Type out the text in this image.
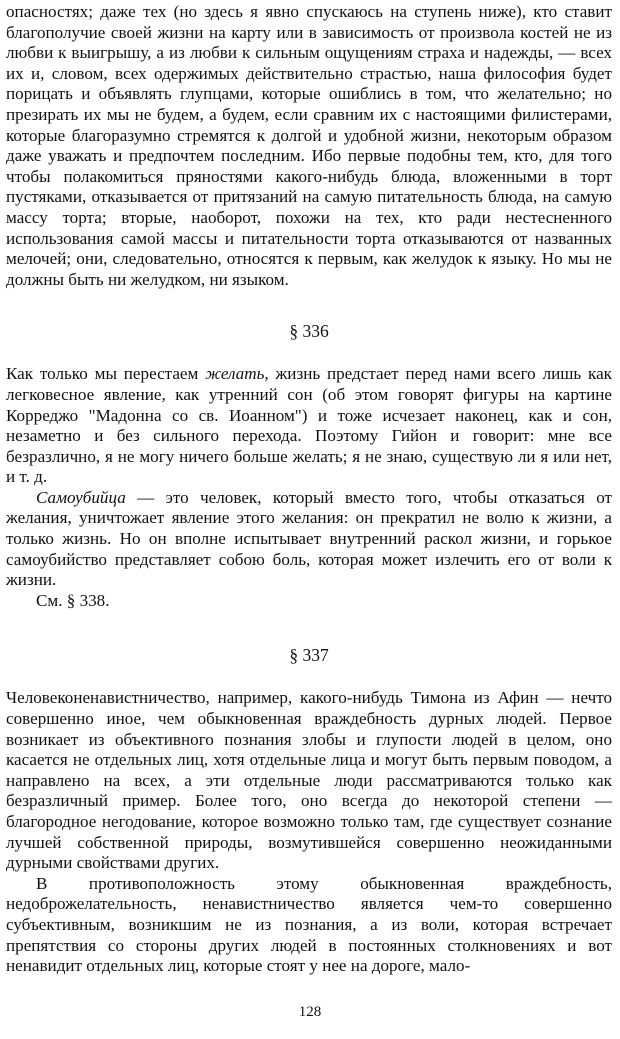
опасностях; даже тех (но здесь я явно спускаюсь на ступень ниже), кто ставит благополучие своей жизни на карту или в зависимость от произвола костей не из любви к выигрышу, а из любви к сильным ощущениям страха и надежды, — всех их и, словом, всех одержимых действительно страстью, наша философия будет порицать и объявлять глупцами, которые ошиблись в том, что желательно; но презирать их мы не будем, а будем, если сравним их с настоящими филистерами, которые благоразумно стремятся к долгой и удобной жизни, некоторым образом даже уважать и предпочтем последним. Ибо первые подобны тем, кто, для того чтобы полакомиться пряностями какого-нибудь блюда, вложенными в торт пустяками, отказывается от притязаний на самую питательность блюда, на самую массу торта; вторые, наоборот, похожи на тех, кто ради нестесненного использования самой массы и питательности торта отказываются от названных мелочей; они, следовательно, относятся к первым, как желудок к языку. Но мы не должны быть ни желудком, ни языком.

§ 336

Как только мы перестаем желать, жизнь предстает перед нами всего лишь как легковесное явление, как утренний сон (об этом говорят фигуры на картине Корреджо "Мадонна со св. Иоанном") и тоже исчезает наконец, как и сон, незаметно и без сильного перехода. Поэтому Гийон и говорит: мне все безразлично, я не могу ничего больше желать; я не знаю, существую ли я или нет, и т. д.

Самоубийца — это человек, который вместо того, чтобы отказаться от желания, уничтожает явление этого желания: он прекратил не волю к жизни, а только жизнь. Но он вполне испытывает внутренний раскол жизни, и горькое самоубийство представляет собою боль, которая может излечить его от воли к жизни.

См. § 338.

§ 337

Человеконенавистничество, например, какого-нибудь Тимона из Афин — нечто совершенно иное, чем обыкновенная враждебность дурных людей. Первое возникает из объективного познания злобы и глупости людей в целом, оно касается не отдельных лиц, хотя отдельные лица и могут быть первым поводом, а направлено на всех, а эти отдельные люди рассматриваются только как безразличный пример. Более того, оно всегда до некоторой степени — благородное негодование, которое возможно только там, где существует сознание лучшей собственной природы, возмутившейся совершенно неожиданными дурными свойствами других.

В противоположность этому обыкновенная враждебность, недоброжелательность, ненавистничество является чем-то совершенно субъективным, возникшим не из познания, а из воли, которая встречает препятствия со стороны других людей в постоянных столкновениях и вот ненавидит отдельных лиц, которые стоят у нее на дороге, мало-

128
